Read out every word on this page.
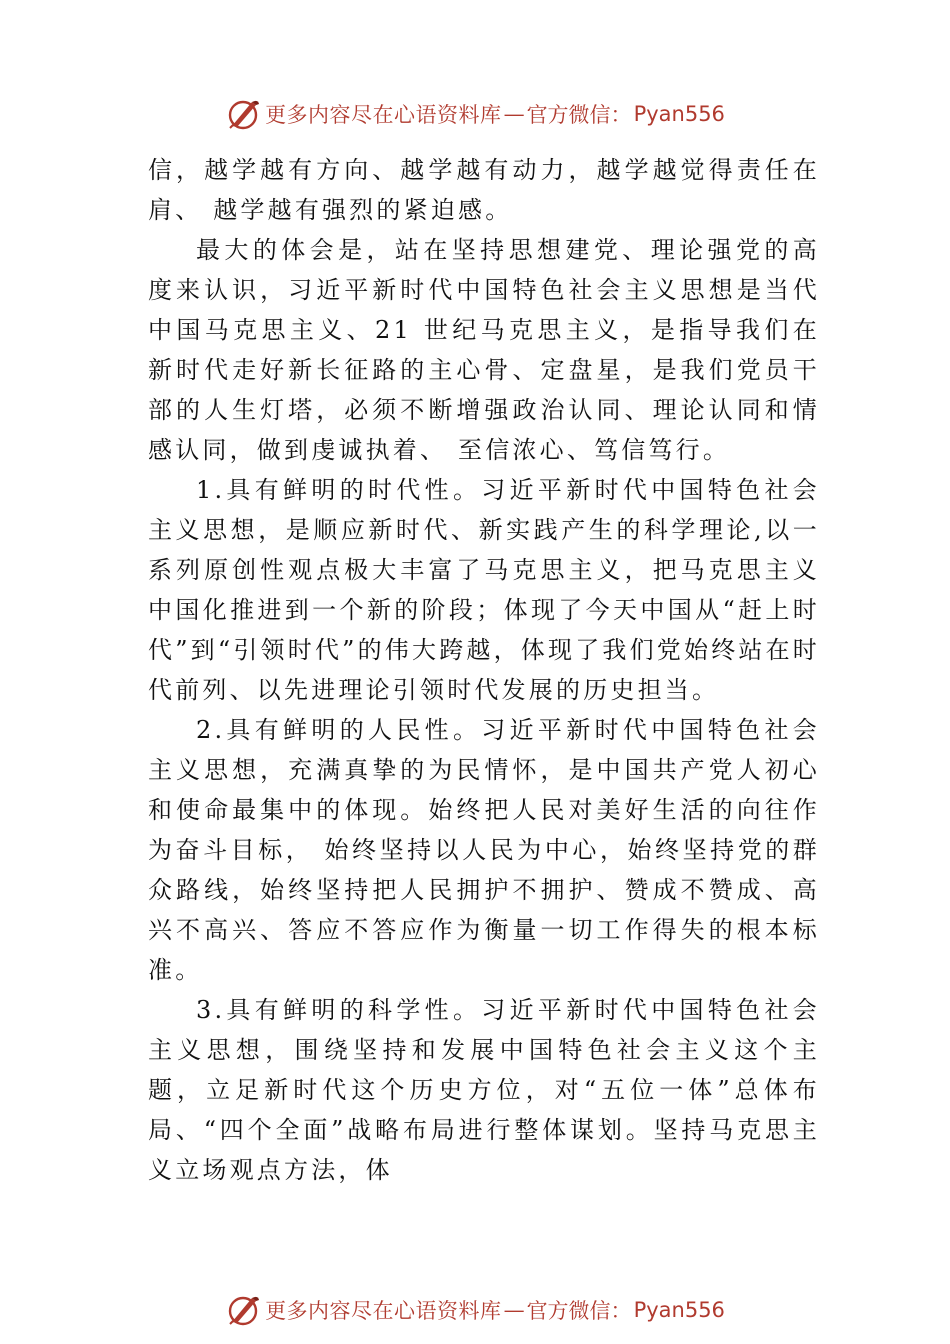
更多内容尽在心语资料库 — 官方微信： Pyan556

信，越学越有方向、越学越有动力，越学越觉得责任在肩、 越学越有强烈的紧迫感。

最大的体会是，站在坚持思想建党、理论强党的高度来认识，习近平新时代中国特色社会主义思想是当代中国马克思主义、21 世纪马克思主义，是指导我们在新时代走好新长征路的主心骨、定盘星，是我们党员干部的人生灯塔，必须不断增强政治认同、理论认同和情感认同，做到虔诚执着、 至信浓心、笃信笃行。

1.具有鲜明的时代性。习近平新时代中国特色社会主义思想，是顺应新时代、新实践产生的科学理论,以一系列原创性观点极大丰富了马克思主义，把马克思主义中国化推进到一个新的阶段；体现了今天中国从“赶上时代”到“引领时代”的伟大跨越，体现了我们党始终站在时代前列、以先进理论引领时代发展的历史担当。

2.具有鲜明的人民性。习近平新时代中国特色社会主义思想，充满真挚的为民情怀，是中国共产党人初心和使命最集中的体现。始终把人民对美好生活的向往作为奋斗目标， 始终坚持以人民为中心，始终坚持党的群众路线，始终坚持把人民拥护不拥护、赞成不赞成、高兴不高兴、答应不答应作为衡量一切工作得失的根本标准。

3.具有鲜明的科学性。习近平新时代中国特色社会主义思想，围绕坚持和发展中国特色社会主义这个主题，立足新时代这个历史方位，对“五位一体”总体布局、“四个全面”战略布局进行整体谋划。坚持马克思主义立场观点方法，体

更多内容尽在心语资料库 — 官方微信： Pyan556
